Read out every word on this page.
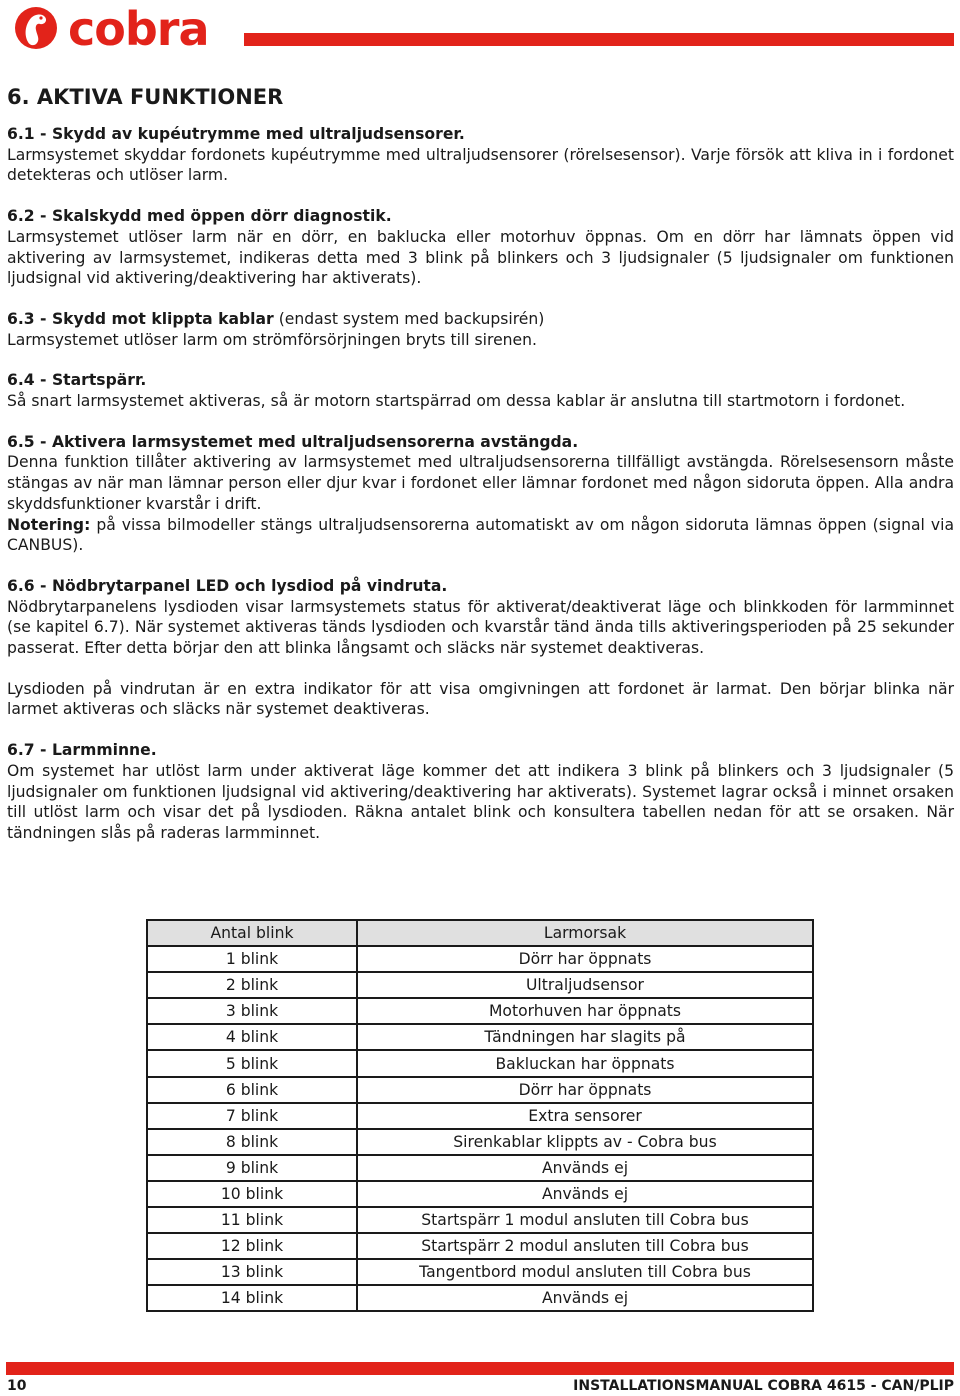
cobra
6. AKTIVA FUNKTIONER

6.1 - Skydd av kupéutrymme med ultraljudsensorer.

Larmsystemet skyddar fordonets kupéutrymme med ultraljudsensorer (rörelsesensor). Varje försök att kliva in i fordonet detekteras och utlöser larm.

6.2 - Skalskydd med öppen dörr diagnostik.

Larmsystemet utlöser larm när en dörr, en baklucka eller motorhuv öppnas. Om en dörr har lämnats öppen vid aktivering av larmsystemet, indikeras detta med 3 blink på blinkers och 3 ljudsignaler (5 ljudsignaler om funktionen ljudsignal vid aktivering/deaktivering har aktiverats).

6.3 - Skydd mot klippta kablar (endast system med backupsirén)

Larmsystemet utlöser larm om strömförsörjningen bryts till sirenen.

6.4 - Startspärr.

Så snart larmsystemet aktiveras, så är motorn startspärrad om dessa kablar är anslutna till startmotorn i fordonet.

6.5 - Aktivera larmsystemet med ultraljudsensorerna avstängda.

Denna funktion tillåter aktivering av larmsystemet med ultraljudsensorerna tillfälligt avstängda. Rörelsesensorn måste stängas av när man lämnar person eller djur kvar i fordonet eller lämnar fordonet med någon sidoruta öppen. Alla andra skyddsfunktioner kvarstår i drift.

Notering: på vissa bilmodeller stängs ultraljudsensorerna automatiskt av om någon sidoruta lämnas öppen (signal via CANBUS).

6.6 - Nödbrytarpanel LED och lysdiod på vindruta.

Nödbrytarpanelens lysdioden visar larmsystemets status för aktiverat/deaktiverat läge och blinkkoden för larmminnet (se kapitel 6.7). När systemet aktiveras tänds lysdioden och kvarstår tänd ända tills aktiveringsperioden på 25 sekunder passerat. Efter detta börjar den att blinka långsamt och släcks när systemet deaktiveras.

Lysdioden på vindrutan är en extra indikator för att visa omgivningen att fordonet är larmat. Den börjar blinka när larmet aktiveras och släcks när systemet deaktiveras.

6.7 - Larmminne.

Om systemet har utlöst larm under aktiverat läge kommer det att indikera 3 blink på blinkers och 3 ljudsignaler (5 ljudsignaler om funktionen ljudsignal vid aktivering/deaktivering har aktiverats). Systemet lagrar också i minnet orsaken till utlöst larm och visar det på lysdioden. Räkna antalet blink och konsultera tabellen nedan för att se orsaken. När tändningen slås på raderas larmminnet.

Antal blink	Larmorsak
1 blink	Dörr har öppnats
2 blink	Ultraljudsensor
3 blink	Motorhuven har öppnats
4 blink	Tändningen har slagits på
5 blink	Bakluckan har öppnats
6 blink	Dörr har öppnats
7 blink	Extra sensorer
8 blink	Sirenkablar klippts av - Cobra bus
9 blink	Används ej
10 blink	Används ej
11 blink	Startspärr 1 modul ansluten till Cobra bus
12 blink	Startspärr 2 modul ansluten till Cobra bus
13 blink	Tangentbord modul ansluten till Cobra bus
14 blink	Används ej
10	INSTALLATIONSMANUAL COBRA 4615 - CAN/PLIP
